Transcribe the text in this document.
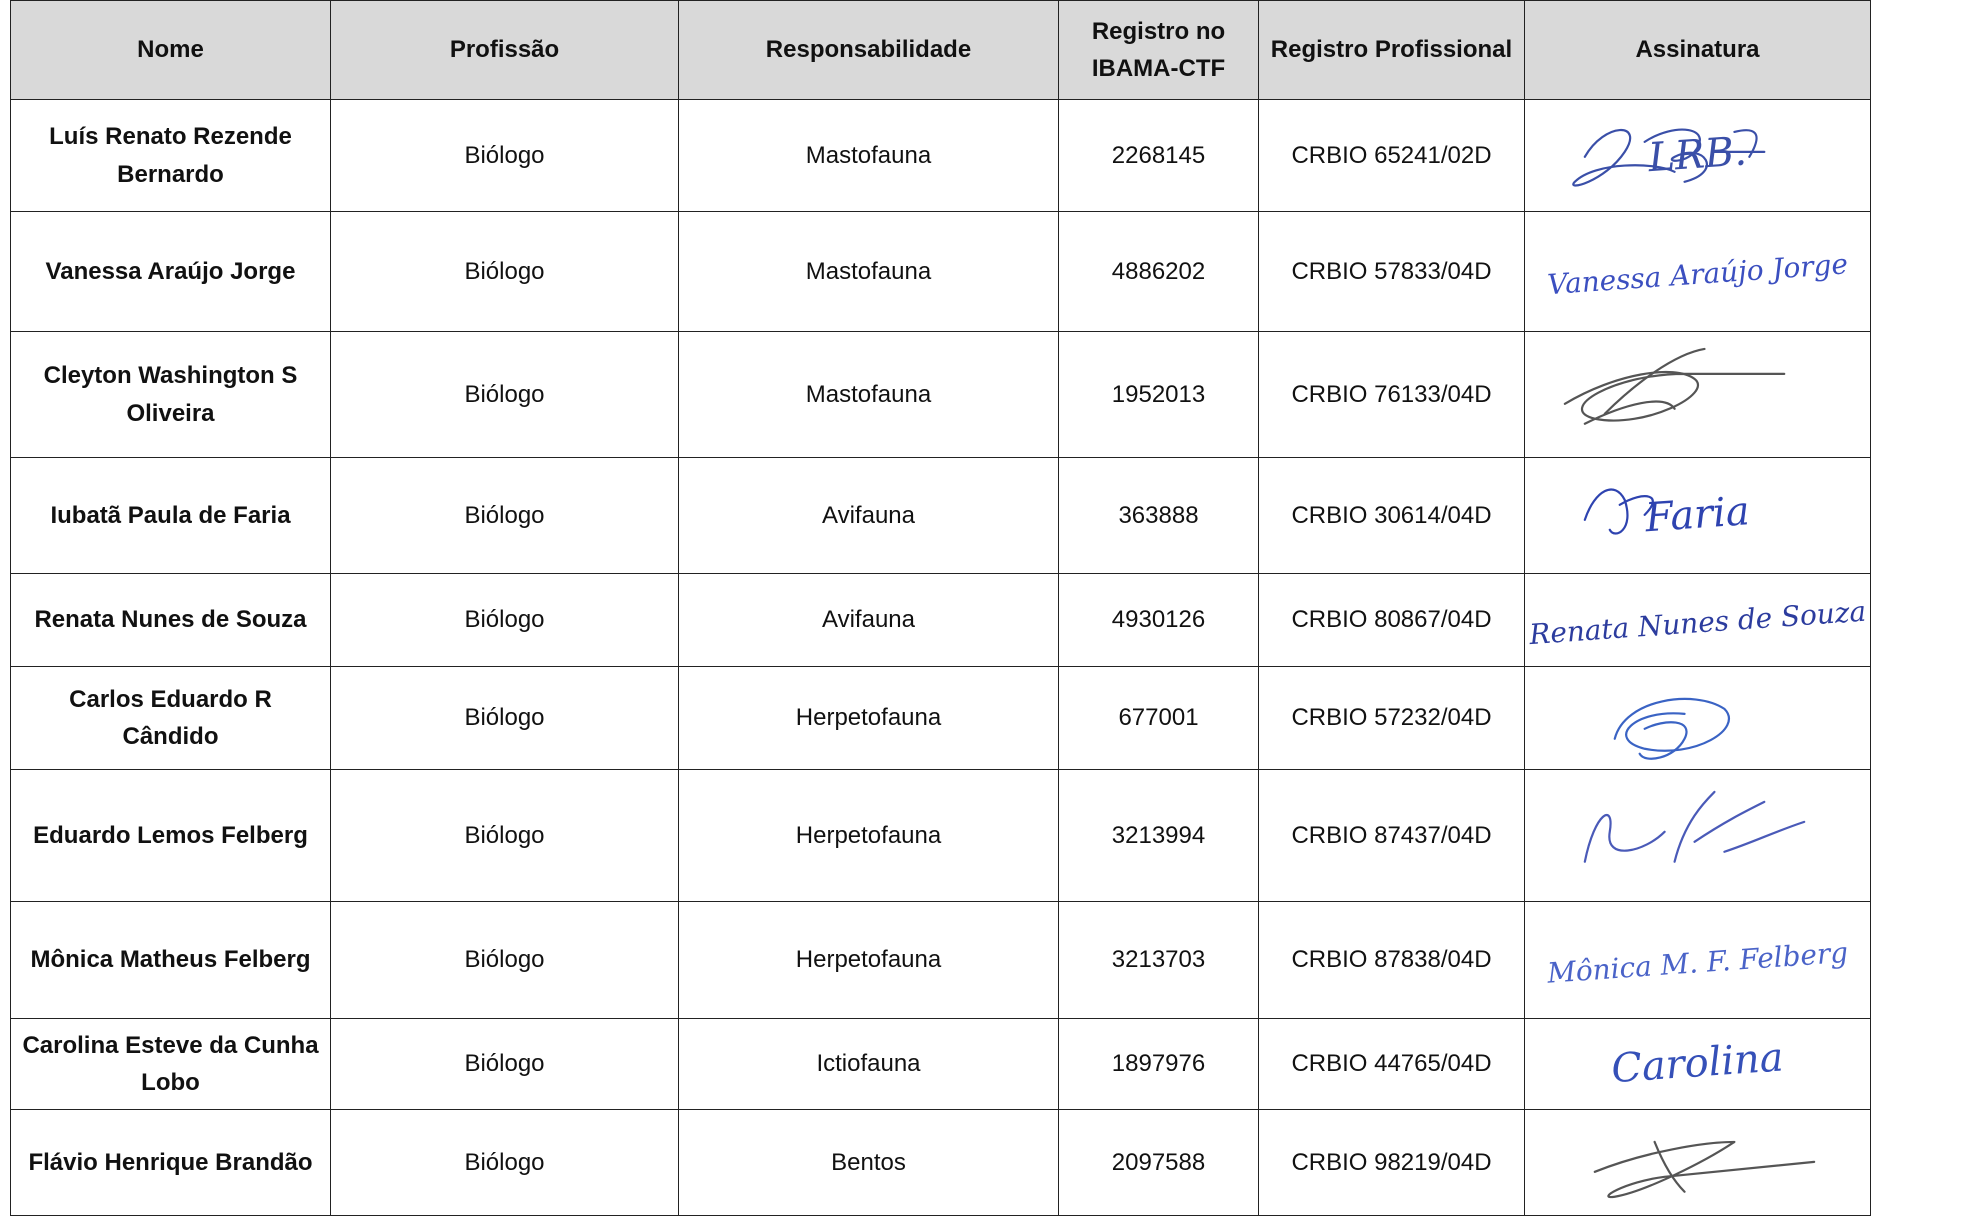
Nome	Profissão	Responsabilidade	Registro no IBAMA-CTF	Registro Profissional	Assinatura
Luís Renato Rezende Bernardo	Biólogo	Mastofauna	2268145	CRBIO 65241/02D	LRB.

Vanessa Araújo Jorge	Biólogo	Mastofauna	4886202	CRBIO 57833/04D	Vanessa Araújo Jorge

Cleyton Washington S Oliveira	Biólogo	Mastofauna	1952013	CRBIO 76133/04D	

Iubatã Paula de Faria	Biólogo	Avifauna	363888	CRBIO 30614/04D	Faria

Renata Nunes de Souza	Biólogo	Avifauna	4930126	CRBIO 80867/04D	Renata Nunes de Souza

Carlos Eduardo R Cândido	Biólogo	Herpetofauna	677001	CRBIO 57232/04D	

Eduardo Lemos Felberg	Biólogo	Herpetofauna	3213994	CRBIO 87437/04D	

Mônica Matheus Felberg	Biólogo	Herpetofauna	3213703	CRBIO 87838/04D	Mônica M. F. Felberg

Carolina Esteve da Cunha Lobo	Biólogo	Ictiofauna	1897976	CRBIO 44765/04D	Carolina

Flávio Henrique Brandão	Biólogo	Bentos	2097588	CRBIO 98219/04D	
